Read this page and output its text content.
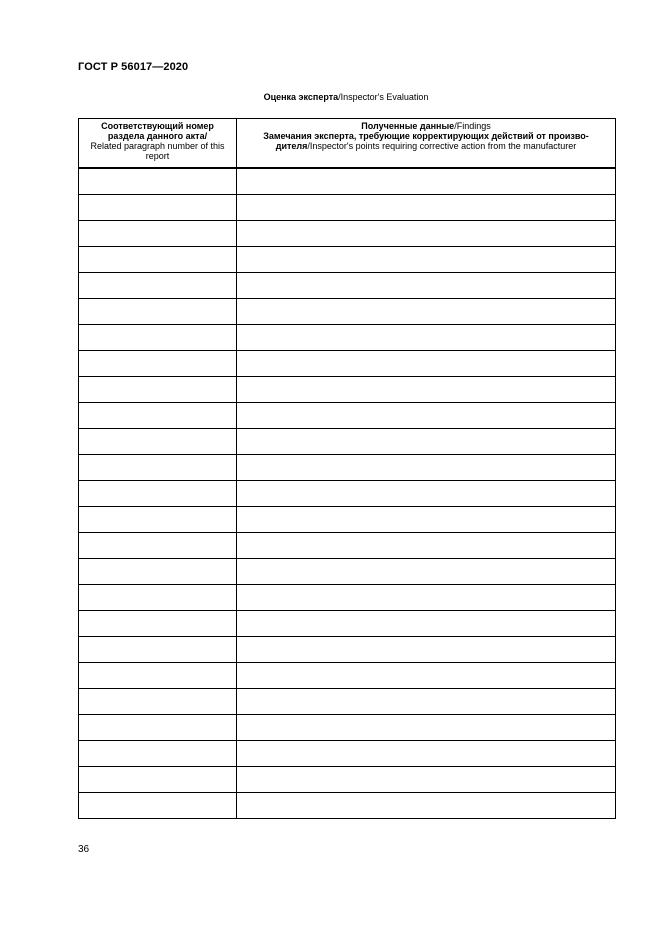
ГОСТ Р 56017—2020
Оценка эксперта/Inspector's Evaluation
Соответствующий номер
раздела данного акта/
Related paragraph number of this
report	Полученные данные/Findings
Замечания эксперта, требующие корректирующих действий от произво-
дителя/Inspector's points requiring corrective action from the manufacturer

36
